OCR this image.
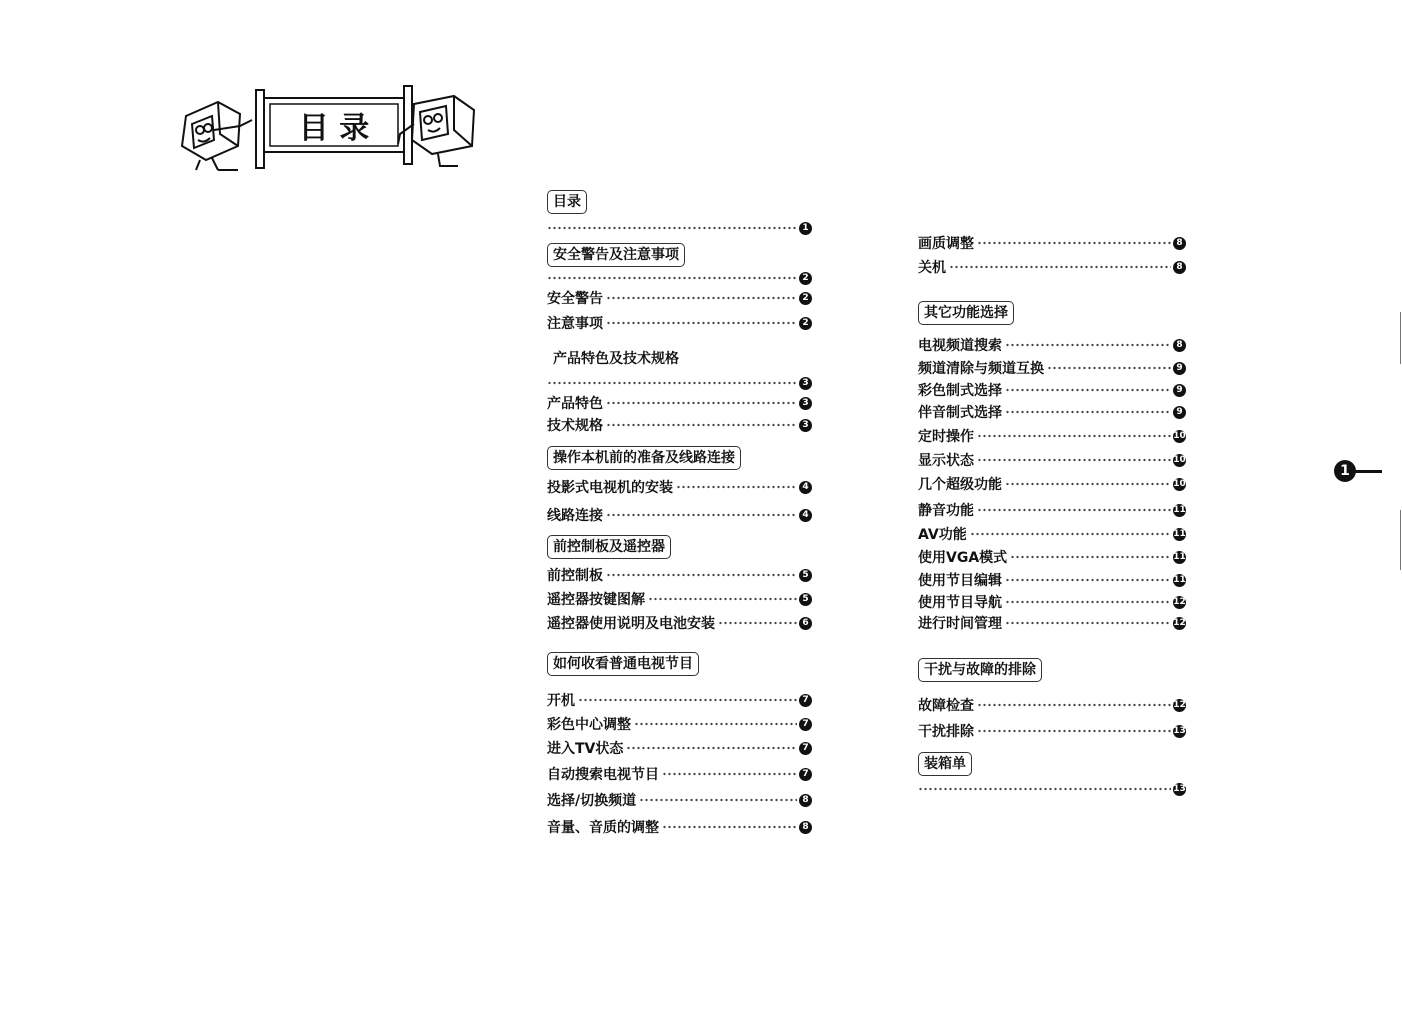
目 录
目录
1
安全警告及注意事项
2
安全警告	2
注意事项	2
产品特色及技术规格
3
产品特色	3
技术规格	3
操作本机前的准备及线路连接
投影式电视机的安装	4
线路连接	4
前控制板及遥控器
前控制板	5
遥控器按键图解	5
遥控器使用说明及电池安装	6
如何收看普通电视节目
开机	7
彩色中心调整	7
进入TV状态	7
自动搜索电视节目	7
选择/切换频道	8
音量、音质的调整	8
画质调整	8
关机	8
其它功能选择
电视频道搜索	8
频道清除与频道互换	9
彩色制式选择	9
伴音制式选择	9
定时操作	10
显示状态	10
几个超级功能	10
静音功能	11
AV功能	11
使用VGA模式	11
使用节目编辑	11
使用节目导航	12
进行时间管理	12
干扰与故障的排除
故障检查	12
干扰排除	13
装箱单
13
1
